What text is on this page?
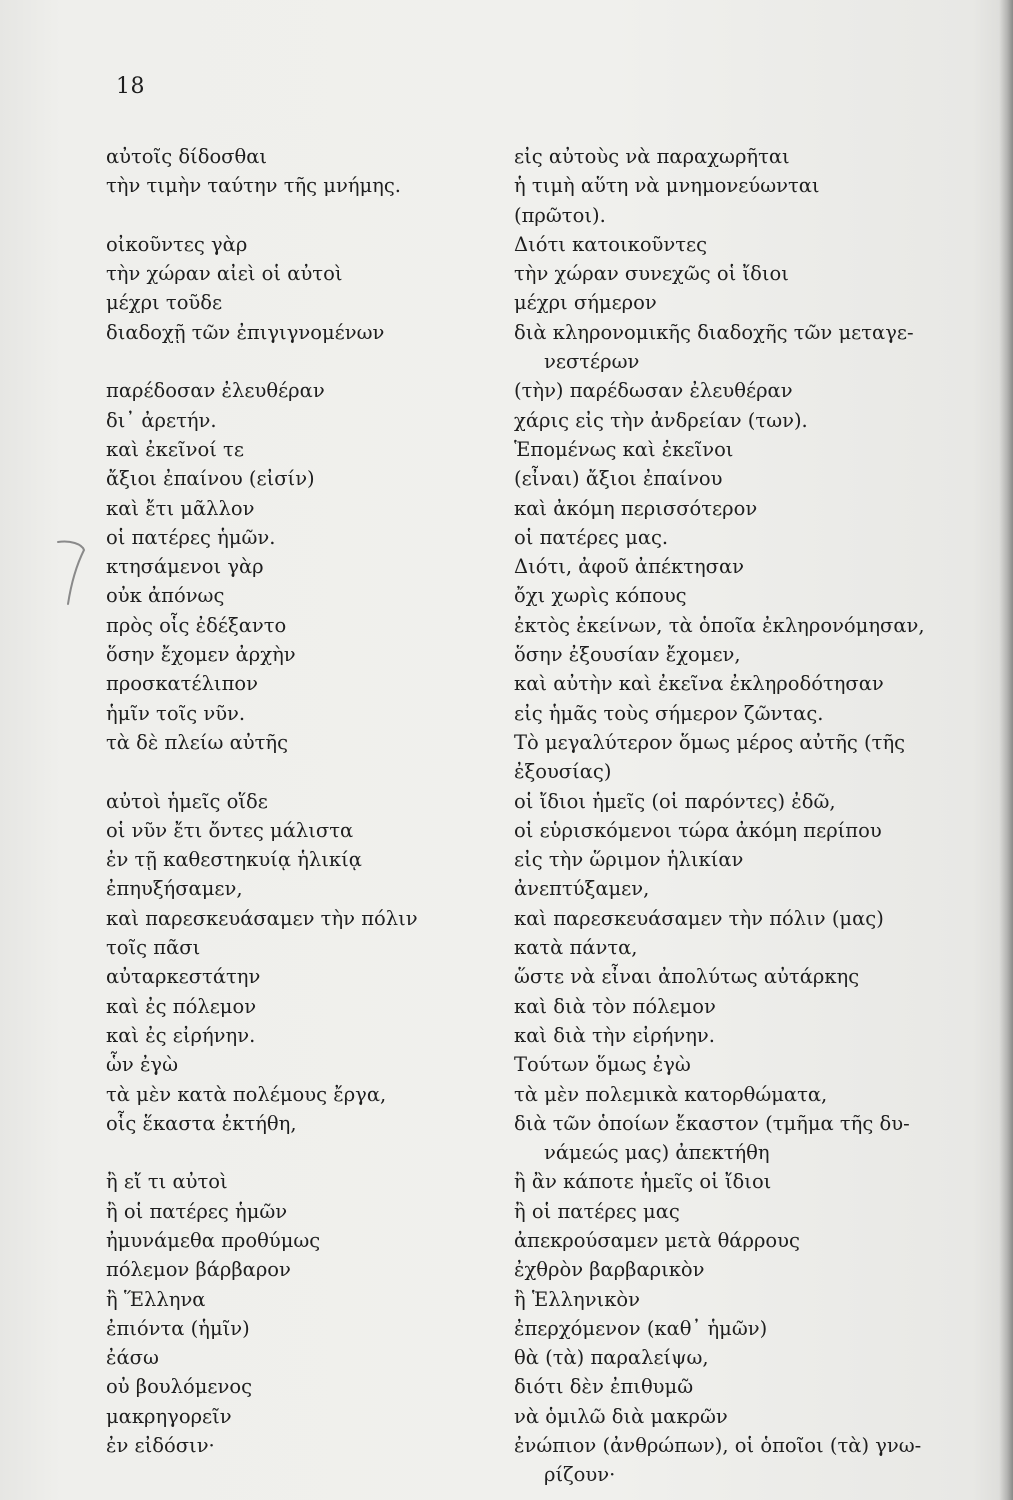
18
αὐτοῖς δίδοσθαι
τὴν τιμὴν ταύτην τῆς μνήμης.
οἰκοῦντες γὰρ
τὴν χώραν αἰεὶ οἱ αὐτοὶ
μέχρι τοῦδε
διαδοχῇ τῶν ἐπιγιγνομένων
παρέδοσαν ἐλευθέραν
δι᾽ ἀρετήν.
καὶ ἐκεῖνοί τε
ἄξιοι ἐπαίνου (εἰσίν)
καὶ ἔτι μᾶλλον
οἱ πατέρες ἡμῶν.
κτησάμενοι γὰρ
οὐκ ἀπόνως
πρὸς οἷς ἐδέξαντο
ὅσην ἔχομεν ἀρχὴν
προσκατέλιπον
ἡμῖν τοῖς νῦν.
τὰ δὲ πλείω αὐτῆς
αὐτοὶ ἡμεῖς οἵδε
οἱ νῦν ἔτι ὄντες μάλιστα
ἐν τῇ καθεστηκυίᾳ ἡλικίᾳ
ἐπηυξήσαμεν,
καὶ παρεσκευάσαμεν τὴν πόλιν
τοῖς πᾶσι
αὐταρκεστάτην
καὶ ἐς πόλεμον
καὶ ἐς εἰρήνην.
ὧν ἐγὼ
τὰ μὲν κατὰ πολέμους ἔργα,
οἷς ἕκαστα ἐκτήθη,
ἢ εἴ τι αὐτοὶ
ἢ οἱ πατέρες ἡμῶν
ἠμυνάμεθα προθύμως
πόλεμον βάρβαρον
ἢ Ἕλληνα
ἐπιόντα (ἡμῖν)
ἐάσω
οὐ βουλόμενος
μακρηγορεῖν
ἐν εἰδόσιν·
εἰς αὐτοὺς νὰ παραχωρῆται
ἡ τιμὴ αὕτη νὰ μνημονεύωνται
(πρῶτοι).
Διότι κατοικοῦντες
τὴν χώραν συνεχῶς οἱ ἴδιοι
μέχρι σήμερον
διὰ κληρονομικῆς διαδοχῆς τῶν μεταγε-
νεστέρων
(τὴν) παρέδωσαν ἐλευθέραν
χάρις εἰς τὴν ἀνδρείαν (των).
Ἑπομένως καὶ ἐκεῖνοι
(εἶναι) ἄξιοι ἐπαίνου
καὶ ἀκόμη περισσότερον
οἱ πατέρες μας.
Διότι, ἀφοῦ ἀπέκτησαν
ὄχι χωρὶς κόπους
ἐκτὸς ἐκείνων, τὰ ὁποῖα ἐκληρονόμησαν,
ὅσην ἐξουσίαν ἔχομεν,
καὶ αὐτὴν καὶ ἐκεῖνα ἐκληροδότησαν
εἰς ἡμᾶς τοὺς σήμερον ζῶντας.
Τὸ μεγαλύτερον ὅμως μέρος αὐτῆς (τῆς
ἐξουσίας)
οἱ ἴδιοι ἡμεῖς (οἱ παρόντες) ἐδῶ,
οἱ εὑρισκόμενοι τώρα ἀκόμη περίπου
εἰς τὴν ὥριμον ἡλικίαν
ἀνεπτύξαμεν,
καὶ παρεσκευάσαμεν τὴν πόλιν (μας)
κατὰ πάντα,
ὥστε νὰ εἶναι ἀπολύτως αὐτάρκης
καὶ διὰ τὸν πόλεμον
καὶ διὰ τὴν εἰρήνην.
Τούτων ὅμως ἐγὼ
τὰ μὲν πολεμικὰ κατορθώματα,
διὰ τῶν ὁποίων ἔκαστον (τμῆμα τῆς δυ-
νάμεώς μας) ἀπεκτήθη
ἢ ἂν κάποτε ἡμεῖς οἱ ἴδιοι
ἢ οἱ πατέρες μας
ἀπεκρούσαμεν μετὰ θάρρους
ἐχθρὸν βαρβαρικὸν
ἢ Ἑλληνικὸν
ἐπερχόμενον (καθ᾽ ἡμῶν)
θὰ (τὰ) παραλείψω,
διότι δὲν ἐπιθυμῶ
νὰ ὁμιλῶ διὰ μακρῶν
ἐνώπιον (ἀνθρώπων), οἱ ὁποῖοι (τὰ) γνω-
ρίζουν·
